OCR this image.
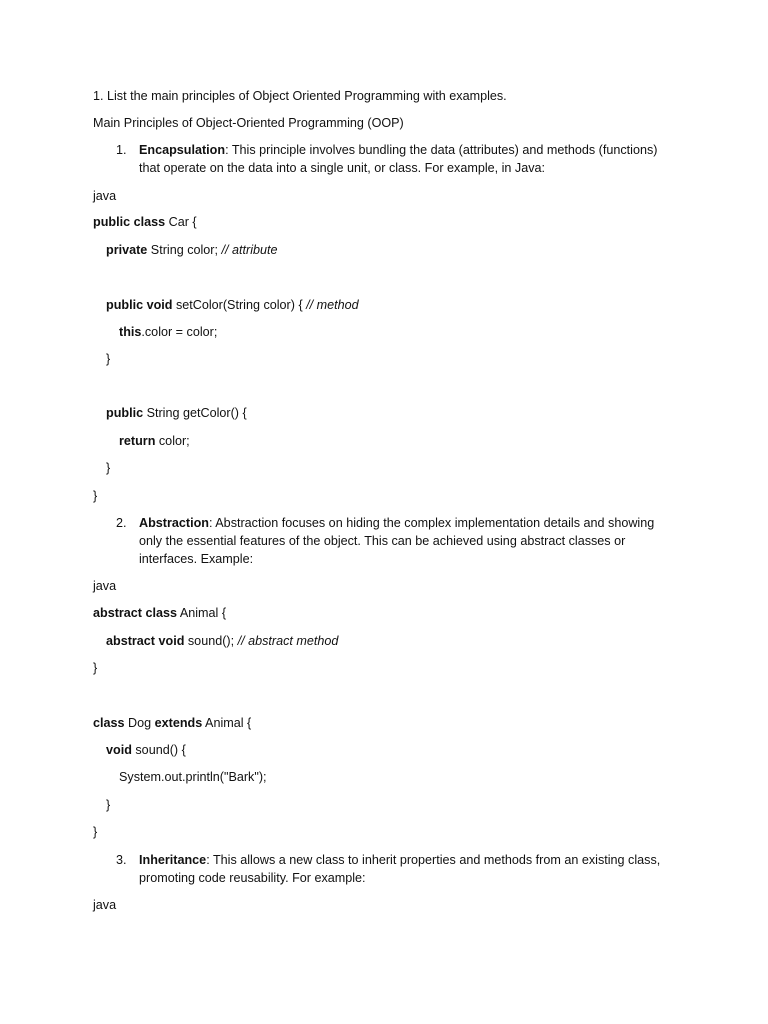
1. List the main principles of Object Oriented Programming with examples.
Main Principles of Object-Oriented Programming (OOP)
1. Encapsulation: This principle involves bundling the data (attributes) and methods (functions) that operate on the data into a single unit, or class. For example, in Java:
java
public class Car {
private String color; // attribute
public void setColor(String color) { // method
this.color = color;
}
public String getColor() {
return color;
}
}
2. Abstraction: Abstraction focuses on hiding the complex implementation details and showing only the essential features of the object. This can be achieved using abstract classes or interfaces. Example:
java
abstract class Animal {
abstract void sound(); // abstract method
}
class Dog extends Animal {
void sound() {
System.out.println("Bark");
}
}
3. Inheritance: This allows a new class to inherit properties and methods from an existing class, promoting code reusability. For example:
java
